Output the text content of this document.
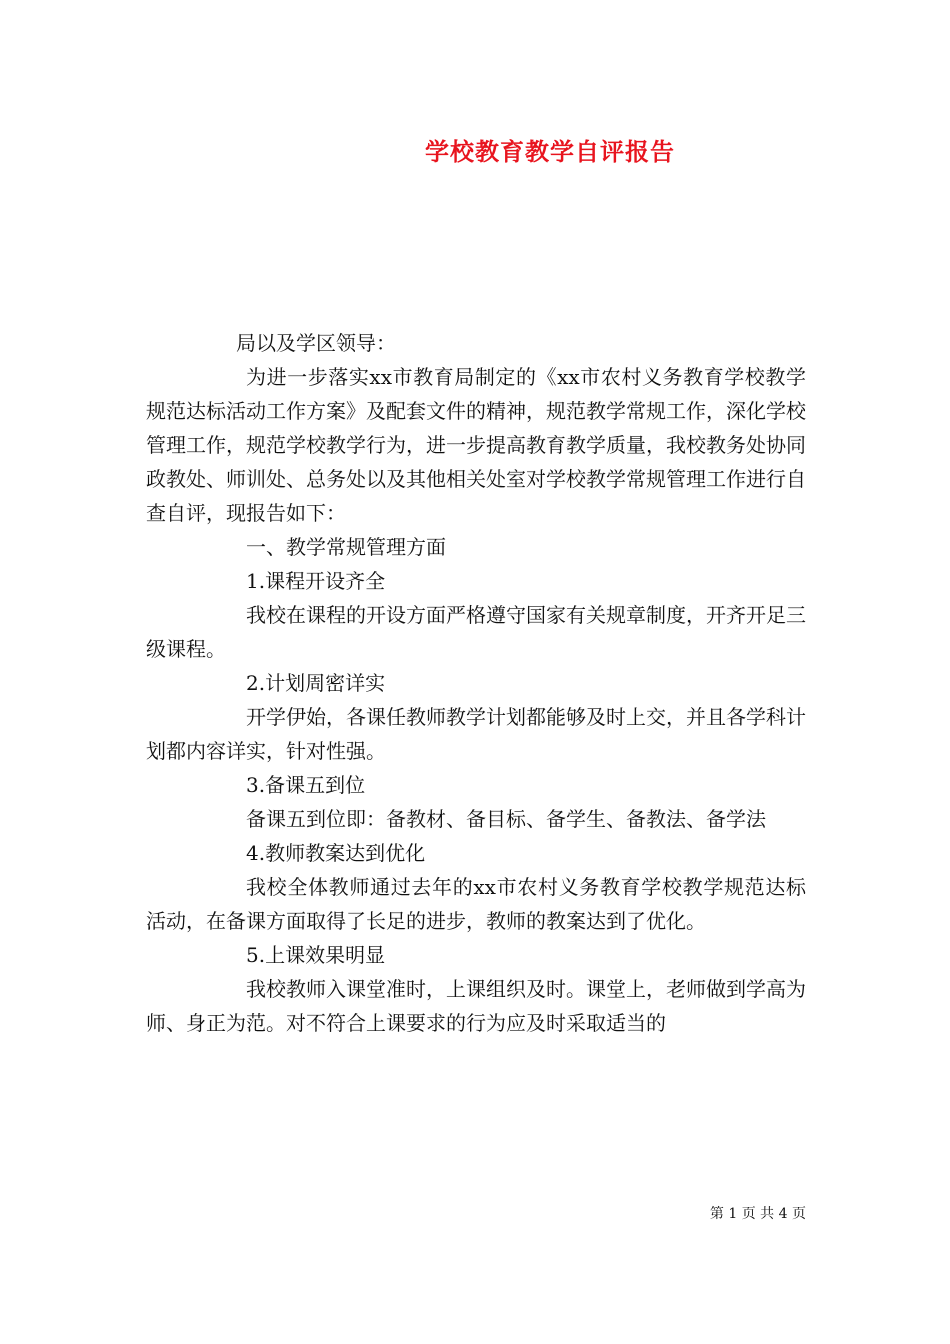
学校教育教学自评报告

局以及学区领导：

为进一步落实xx市教育局制定的《xx市农村义务教育学校教学规范达标活动工作方案》及配套文件的精神，规范教学常规工作，深化学校管理工作，规范学校教学行为，进一步提高教育教学质量，我校教务处协同政教处、师训处、总务处以及其他相关处室对学校教学常规管理工作进行自查自评，现报告如下：

一、教学常规管理方面

1.课程开设齐全

我校在课程的开设方面严格遵守国家有关规章制度，开齐开足三级课程。

2.计划周密详实

开学伊始，各课任教师教学计划都能够及时上交，并且各学科计划都内容详实，针对性强。

3.备课五到位

备课五到位即：备教材、备目标、备学生、备教法、备学法

4.教师教案达到优化

我校全体教师通过去年的xx市农村义务教育学校教学规范达标活动，在备课方面取得了长足的进步，教师的教案达到了优化。

5.上课效果明显

我校教师入课堂准时，上课组织及时。课堂上，老师做到学高为师、身正为范。对不符合上课要求的行为应及时采取适当的

第 1 页 共 4 页
